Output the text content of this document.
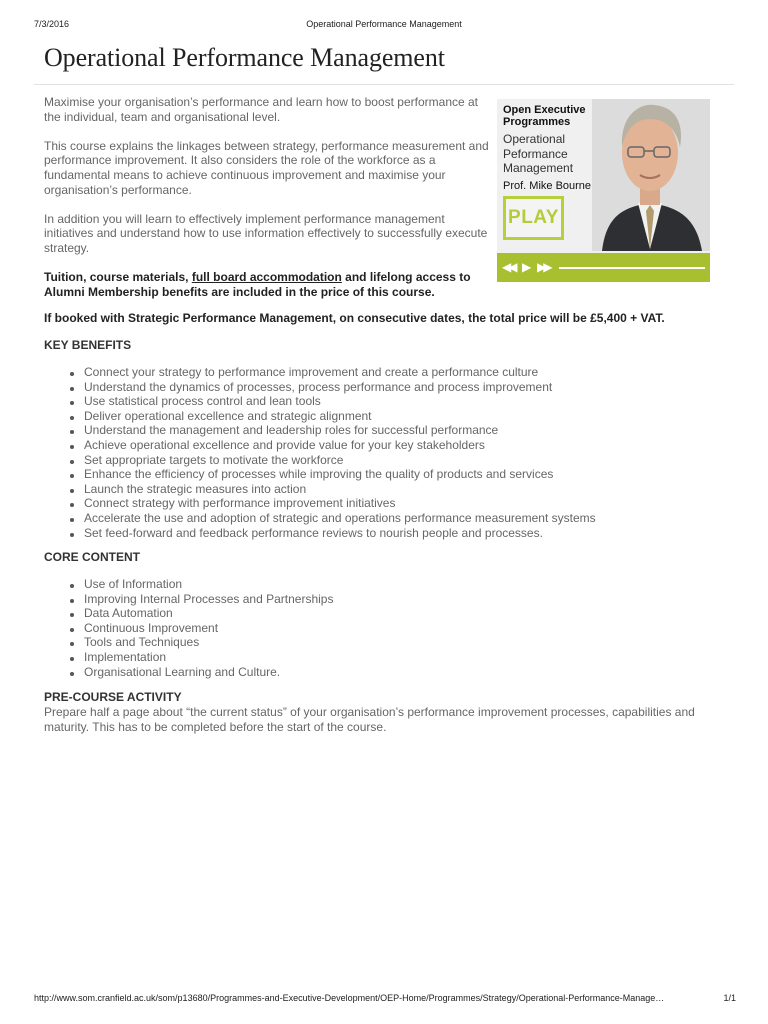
7/3/2016	Operational Performance Management
Operational Performance Management

Maximise your organisation’s performance and learn how to boost performance at the individual, team and organisational level.

This course explains the linkages between strategy, performance measurement and performance improvement. It also considers the role of the workforce as a fundamental means to achieve continuous improvement and maximise your organisation’s performance.

In addition you will learn to effectively implement performance management initiatives and understand how to use information effectively to successfully execute strategy.

Tuition, course materials, full board accommodation and lifelong access to Alumni Membership benefits are included in the price of this course.

Open Executive
Programmes

Operational
Peformance
Management

Prof. Mike Bourne

PLAY
◀◀ ▶ ▶▶

If booked with Strategic Performance Management, on consecutive dates, the total price will be £5,400 + VAT.

KEY BENEFITS
Connect your strategy to performance improvement and create a performance culture
Understand the dynamics of processes, process performance and process improvement
Use statistical process control and lean tools
Deliver operational excellence and strategic alignment
Understand the management and leadership roles for successful performance
Achieve operational excellence and provide value for your key stakeholders
Set appropriate targets to motivate the workforce
Enhance the efficiency of processes while improving the quality of products and services
Launch the strategic measures into action
Connect strategy with performance improvement initiatives
Accelerate the use and adoption of strategic and operations performance measurement systems
Set feed-forward and feedback performance reviews to nourish people and processes.
CORE CONTENT
Use of Information
Improving Internal Processes and Partnerships
Data Automation
Continuous Improvement
Tools and Techniques
Implementation
Organisational Learning and Culture.
PRE-COURSE ACTIVITY

Prepare half a page about “the current status” of your organisation’s performance improvement processes, capabilities and maturity. This has to be completed before the start of the course.

http://www.som.cranfield.ac.uk/som/p13680/Programmes-and-Executive-Development/OEP-Home/Programmes/Strategy/Operational-Performance-Manage…	1/1
